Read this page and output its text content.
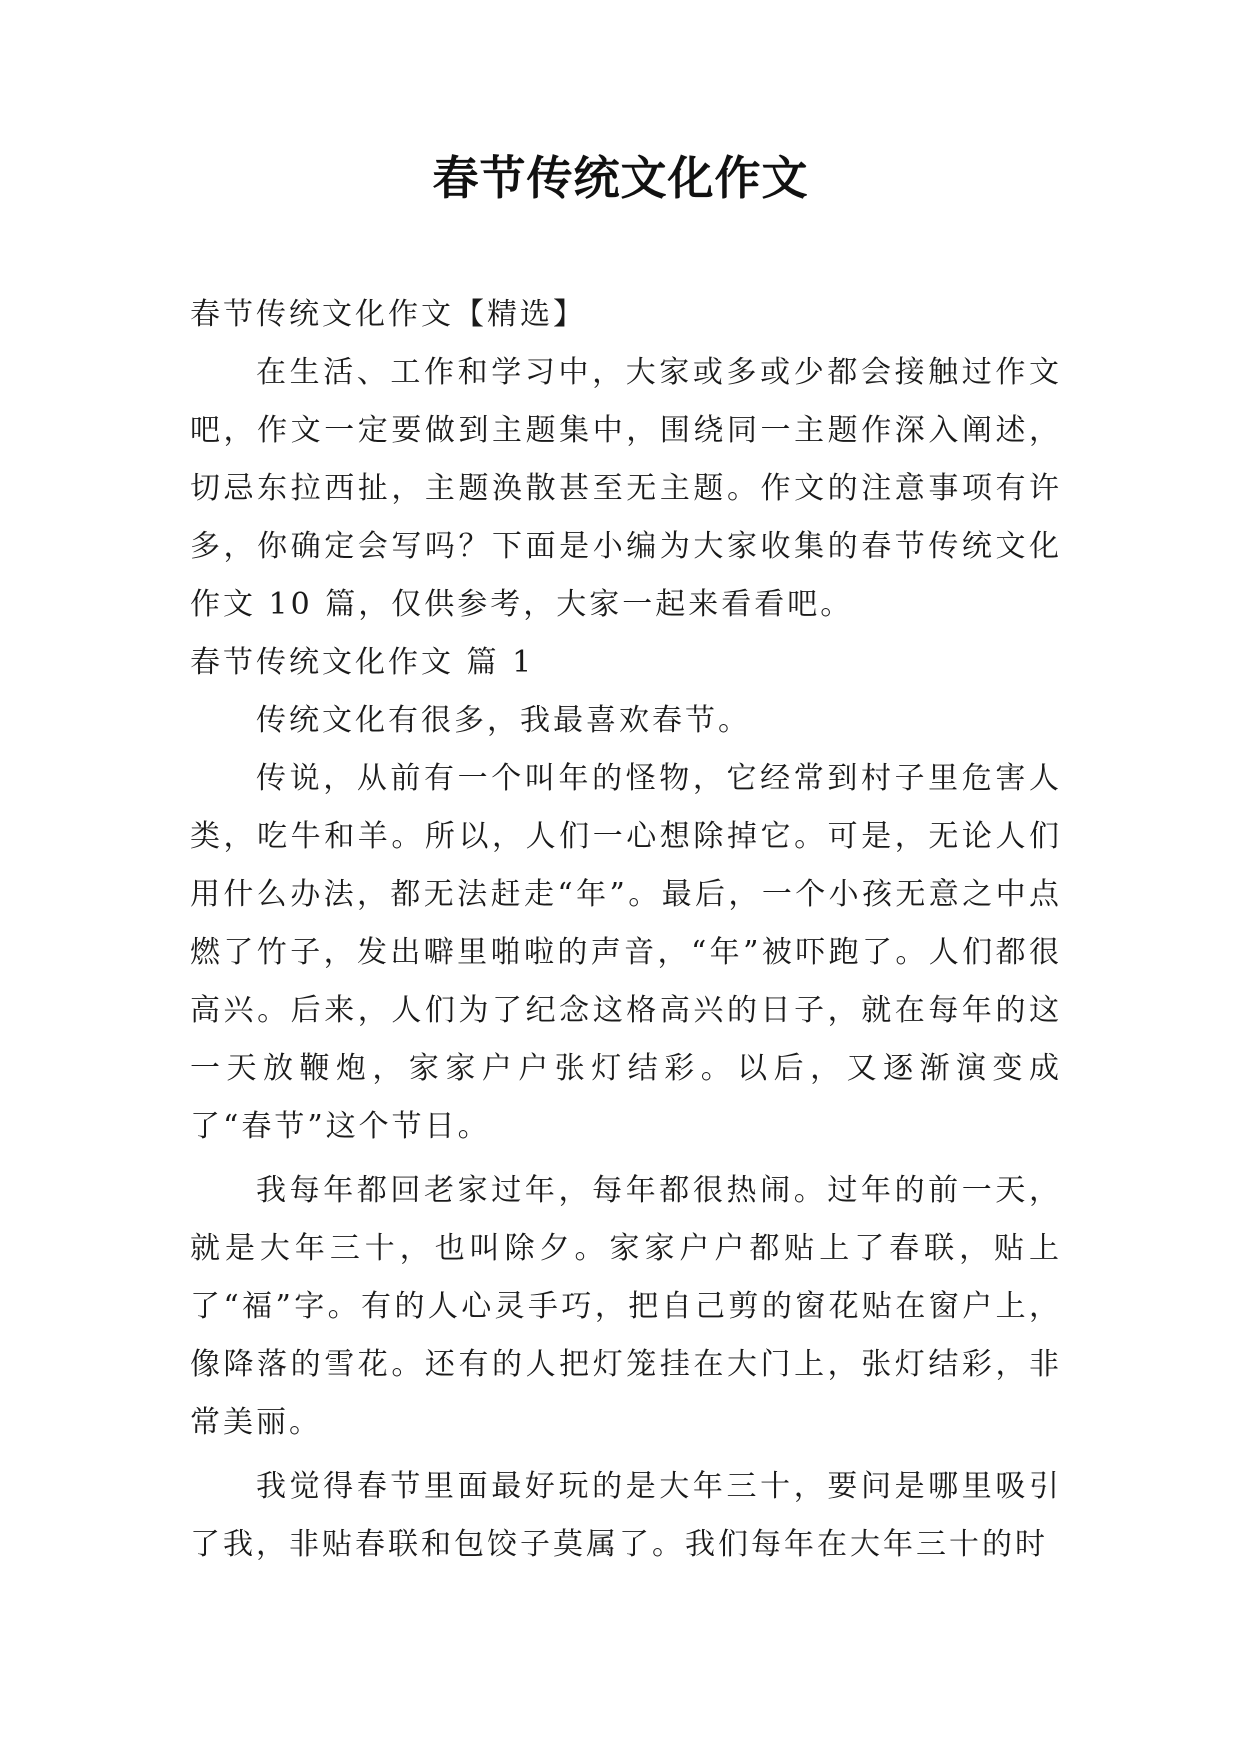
春节传统文化作文

春节传统文化作文【精选】

在生活、工作和学习中，大家或多或少都会接触过作文吧，作文一定要做到主题集中，围绕同一主题作深入阐述，切忌东拉西扯，主题涣散甚至无主题。作文的注意事项有许多，你确定会写吗？下面是小编为大家收集的春节传统文化作文 10 篇，仅供参考，大家一起来看看吧。

春节传统文化作文 篇 1

传统文化有很多，我最喜欢春节。

传说，从前有一个叫年的怪物，它经常到村子里危害人类，吃牛和羊。所以，人们一心想除掉它。可是，无论人们用什么办法，都无法赶走“年”。最后，一个小孩无意之中点燃了竹子，发出噼里啪啦的声音，“年”被吓跑了。人们都很高兴。后来，人们为了纪念这格高兴的日子，就在每年的这一天放鞭炮，家家户户张灯结彩。以后，又逐渐演变成了“春节”这个节日。

我每年都回老家过年，每年都很热闹。过年的前一天，就是大年三十，也叫除夕。家家户户都贴上了春联，贴上了“福”字。有的人心灵手巧，把自己剪的窗花贴在窗户上，像降落的雪花。还有的人把灯笼挂在大门上，张灯结彩，非常美丽。

我觉得春节里面最好玩的是大年三十，要问是哪里吸引了我，非贴春联和包饺子莫属了。我们每年在大年三十的时
